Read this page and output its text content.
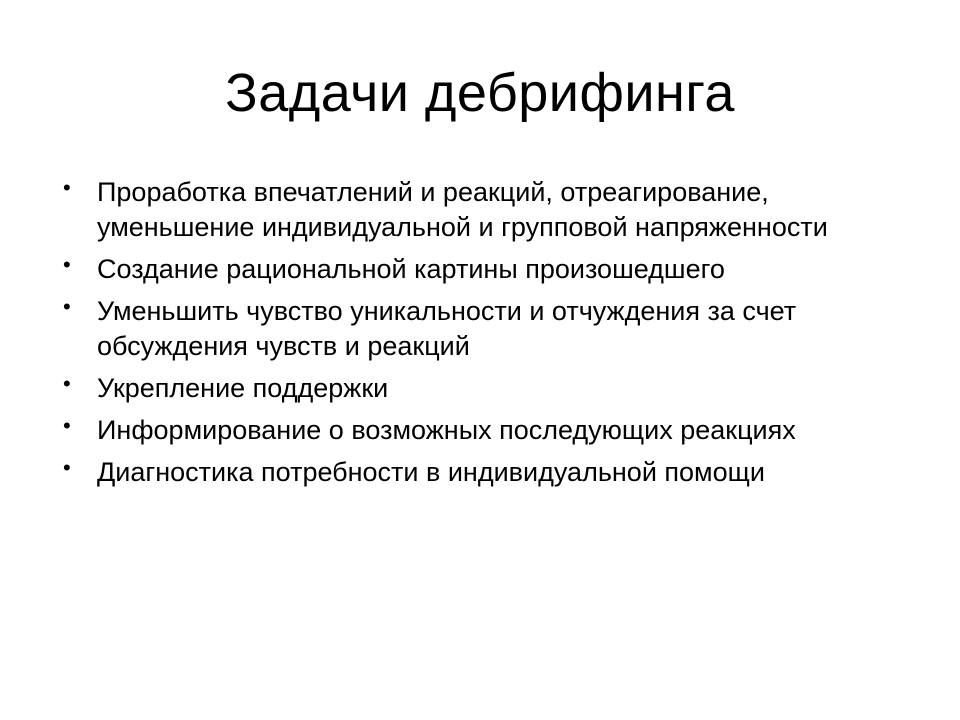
Задачи дебрифинга
• Проработка впечатлений и реакций, отреагирование, уменьшение индивидуальной и групповой напряженности
• Создание рациональной картины произошедшего
• Уменьшить чувство уникальности и отчуждения за счет обсуждения чувств и реакций
• Укрепление поддержки
• Информирование о возможных последующих реакциях
• Диагностика потребности в индивидуальной помощи
